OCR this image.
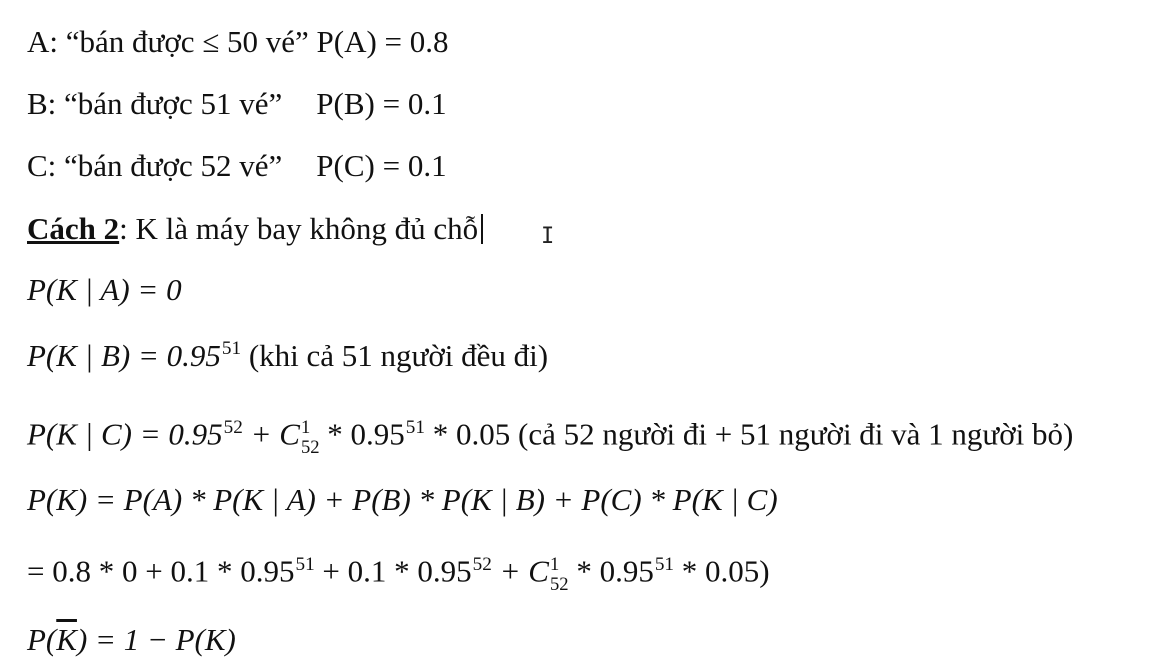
A: “bán được ≤ 50 vé” P(A) = 0.8
B: “bán được 51 vé” P(B) = 0.1
C: “bán được 52 vé” P(C) = 0.1
Cách 2: K là máy bay không đủ chỗ	I
P(K | A) = 0
P(K | $B) = 0.95^{51}$ (khi cả 51 người đều đi)
P(K | $C) = 0.95^{52} + C$ 1
52 * 0.95$^{51}$ * 0.05 (cả 52 người đi + 51 người đi và 1 người bỏ)
P(K) = P(A) * P(K | A) + P(B) * P(K | B) + P(C) * P(K | C)
= $0.8 * 0 + 0.1 * 0.95^{51} + 0.1 * 0.95^{52} + C$ 1
52 * 0.95$^{51}$ * 0.05)
$P(\overline{K}) = 1 - P(K)$
